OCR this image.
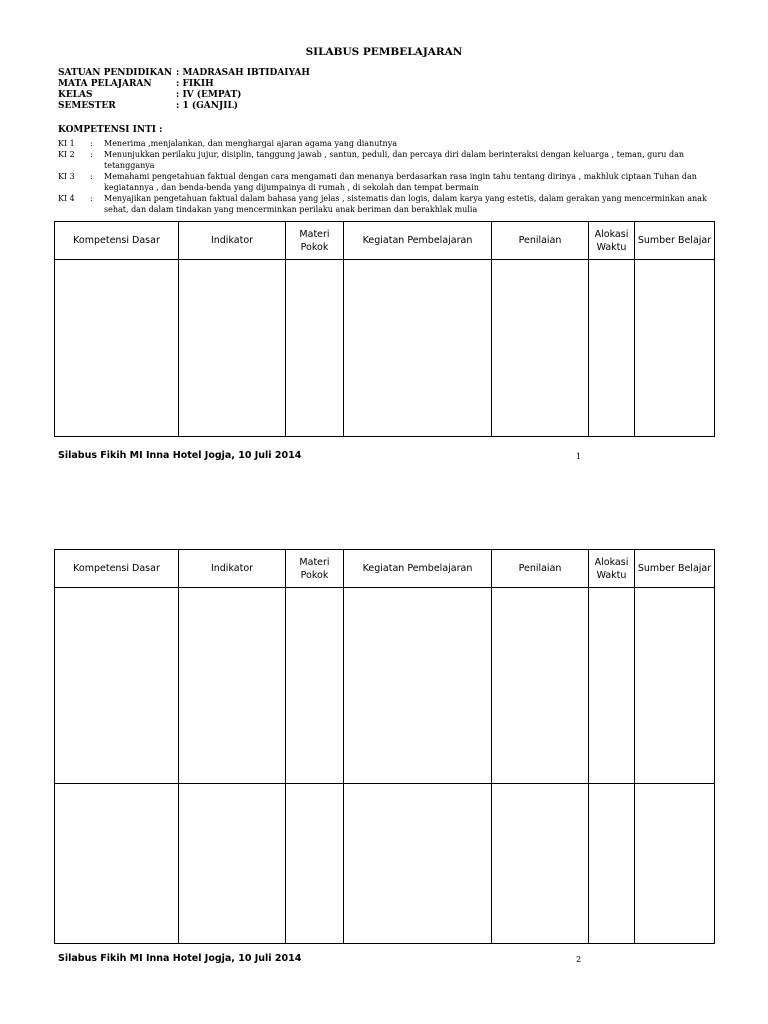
SILABUS PEMBELAJARAN
SATUAN PENDIDIKAN : MADRASAH IBTIDAIYAH
MATA PELAJARAN	: FIKIH
KELAS	: IV (EMPAT)
SEMESTER	: 1 (GANJIL)
KOMPETENSI INTI :
KI 1	:	Menerima ,menjalankan, dan menghargai ajaran agama yang dianutnya
KI 2	:	Menunjukkan perilaku jujur, disiplin, tanggung jawab , santun, peduli, dan percaya diri dalam berinteraksi dengan keluarga , teman, guru dan tetangganya
KI 3	:	Memahami pengetahuan faktual dengan cara mengamati dan menanya berdasarkan rasa ingin tahu tentang dirinya , makhluk ciptaan Tuhan dan kegiatannya , dan benda-benda yang dijumpainya di rumah , di sekolah dan tempat bermain
KI 4	:	Menyajikan pengetahuan faktual dalam bahasa yang jelas , sistematis dan logis, dalam karya yang estetis, dalam gerakan yang mencerminkan anak sehat, dan dalam tindakan yang mencerminkan perilaku anak beriman dan berakhlak mulia
Kompetensi Dasar	Indikator	Materi Pokok	Kegiatan Pembelajaran	Penilaian	Alokasi Waktu	Sumber Belajar

Silabus Fikih MI Inna Hotel Jogja, 10 Juli 2014	1
Kompetensi Dasar	Indikator	Materi Pokok	Kegiatan Pembelajaran	Penilaian	Alokasi Waktu	Sumber Belajar

Silabus Fikih MI Inna Hotel Jogja, 10 Juli 2014	2
